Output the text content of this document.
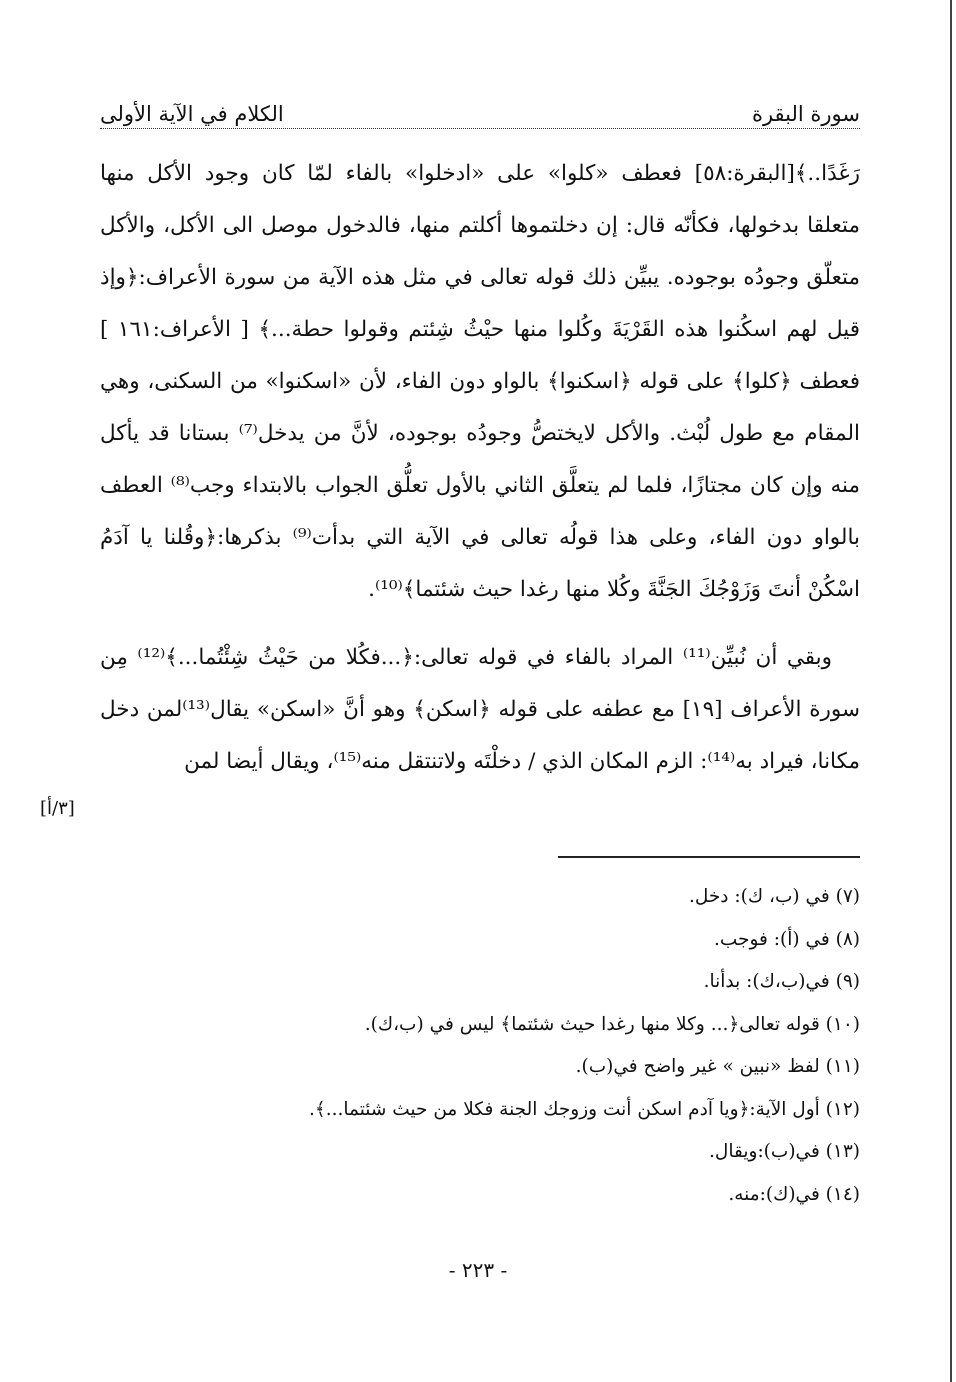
سورة البقرة
الكلام في الآية الأولى

رَغَدًا..﴾[البقرة:٥٨] فعطف «كلوا» على «ادخلوا» بالفاء لمّا كان وجود الأكل منها متعلقا بدخولها، فكأنّه قال: إن دخلتموها أكلتم منها، فالدخول موصل الى الأكل، والأكل متعلّق وجودُه بوجوده. يبيِّن ذلك قوله تعالى في مثل هذه الآية من سورة الأعراف:﴿وإذ قيل لهم اسكُنوا هذه القَرْيَةَ وكُلوا منها حيْثُ شِئتم وقولوا حطة...﴾ [ الأعراف:١٦١ ] فعطف ﴿كلوا﴾ على قوله ﴿اسكنوا﴾ بالواو دون الفاء، لأن «اسكنوا» من السكنى، وهي المقام مع طول لُبْث. والأكل لايختصُّ وجودُه بوجوده، لأنَّ من يدخل⁽⁷⁾ بستانا قد يأكل منه وإن كان مجتازًا، فلما لم يتعلَّق الثاني بالأول تعلُّق الجواب بالابتداء وجب⁽⁸⁾ العطف بالواو دون الفاء، وعلى هذا قولُه تعالى في الآية التي بدأت⁽⁹⁾ بذكرها:﴿وقُلنا يا آدَمُ اسْكُنْ أنتَ وَزَوْجُكَ الجَنَّةَ وكُلا منها رغدا حيث شئتما﴾⁽¹⁰⁾.

وبقي أن نُبيِّن⁽¹¹⁾ المراد بالفاء في قوله تعالى:﴿...فكُلا من حَيْثُ شِئْتُما...﴾⁽¹²⁾ مِن سورة الأعراف [١٩] مع عطفه على قوله ﴿اسكن﴾ وهو أنَّ «اسكن» يقال⁽¹³⁾لمن دخل مكانا، فيراد به⁽¹⁴⁾: الزم المكان الذي / دخلْتَه ولاتنتقل منه⁽¹⁵⁾، ويقال أيضا لمن

[٣/أ]
(٧) في (ب، ك): دخل.
(٨) في (أ): فوجب.
(٩) في(ب،ك): بدأنا.
(١٠) قوله تعالى﴿... وكلا منها رغدا حيث شئتما﴾ ليس في (ب،ك).
(١١) لفظ «نبين » غير واضح في(ب).
(١٢) أول الآية:﴿ويا آدم اسكن أنت وزوجك الجنة فكلا من حيث شئتما...﴾.
(١٣) في(ب):ويقال.
(١٤) في(ك):منه.
- ٢٢٣ -
